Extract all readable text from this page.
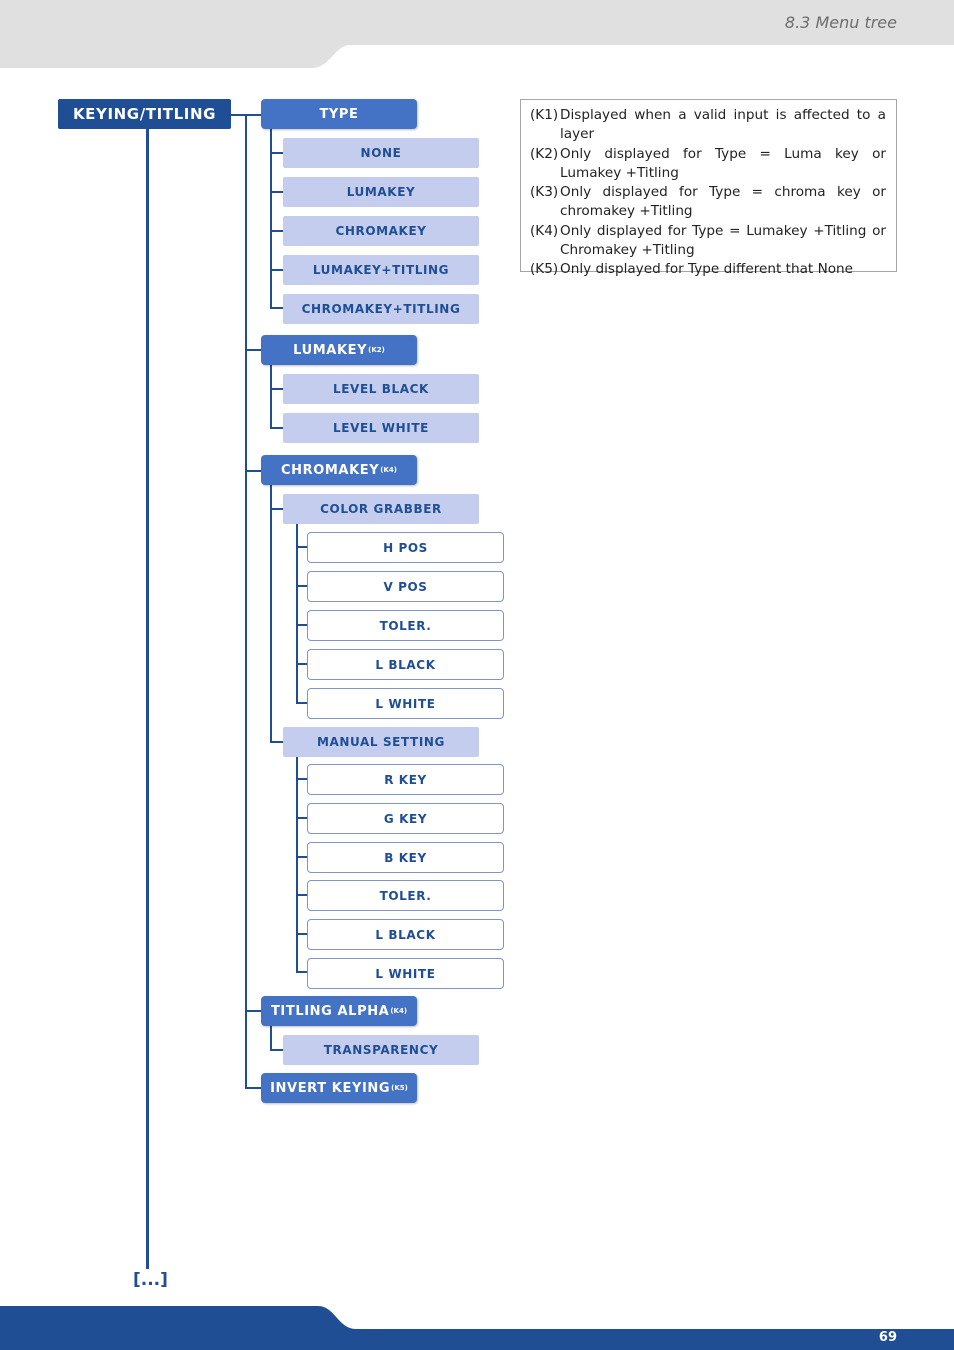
8.3 Menu tree
KEYING/TITLING	TYPE
NONE
LUMAKEY
CHROMAKEY
LUMAKEY+TITLING
CHROMAKEY+TITLING
LUMAKEY (K2)
LEVEL BLACK
LEVEL WHITE
CHROMAKEY (K4)
COLOR GRABBER
H POS
V POS
TOLER.
L BLACK
L WHITE
MANUAL SETTING
R KEY
G KEY
B KEY
TOLER.
L BLACK
L WHITE
TITLING ALPHA (K4)
TRANSPARENCY
INVERT KEYING (K5)
[...]
(K1) Displayed when a valid input is affected to a layer
(K2) Only displayed for Type = Luma key or Lumakey +Titling
(K3) Only displayed for Type = chroma key or chromakey +Titling
(K4) Only displayed for Type = Lumakey +Titling or Chromakey +Titling
(K5) Only displayed for Type different that None
69
